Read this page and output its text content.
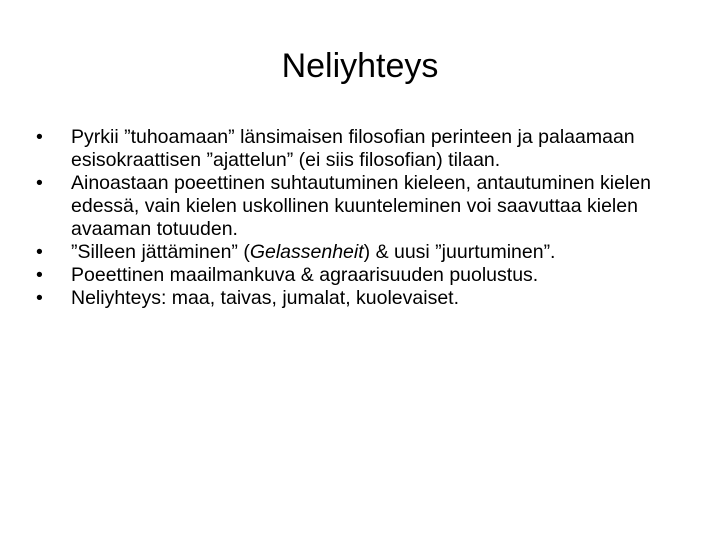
Neliyhteys
•	Pyrkii ”tuhoamaan” länsimaisen filosofian perinteen ja palaamaan esisokraattisen ”ajattelun” (ei siis filosofian) tilaan.
•	Ainoastaan poeettinen suhtautuminen kieleen, antautuminen kielen edessä, vain kielen uskollinen kuunteleminen voi saavuttaa kielen avaaman totuuden.
•	”Silleen jättäminen” (Gelassenheit) & uusi ”juurtuminen”.
•	Poeettinen maailmankuva & agraarisuuden puolustus.
•	Neliyhteys: maa, taivas, jumalat, kuolevaiset.
